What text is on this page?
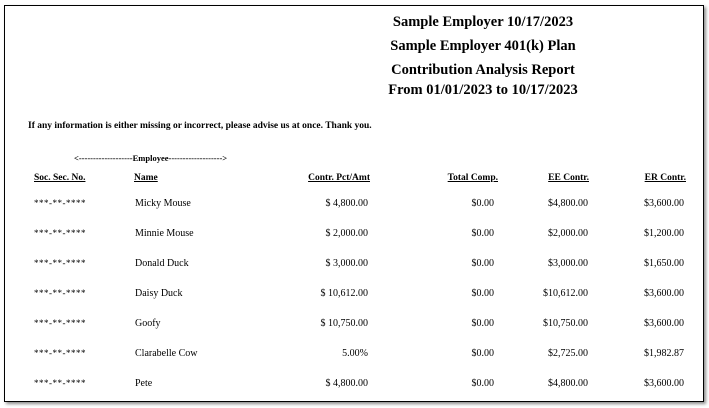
Sample Employer 10/17/2023
Sample Employer 401(k) Plan
Contribution Analysis Report
From 01/01/2023 to 10/17/2023
If any information is either missing or incorrect, please advise us at once. Thank you.
<-------------------Employee------------------->
Soc. Sec. No.	Name	Contr. Pct/Amt	Total Comp.	EE Contr.	ER Contr.
***-**-****	Micky Mouse	$ 4,800.00	$0.00	$4,800.00	$3,600.00
***-**-****	Minnie Mouse	$ 2,000.00	$0.00	$2,000.00	$1,200.00
***-**-****	Donald Duck	$ 3,000.00	$0.00	$3,000.00	$1,650.00
***-**-****	Daisy Duck	$ 10,612.00	$0.00	$10,612.00	$3,600.00
***-**-****	Goofy	$ 10,750.00	$0.00	$10,750.00	$3,600.00
***-**-****	Clarabelle Cow	5.00%	$0.00	$2,725.00	$1,982.87
***-**-****	Pete	$ 4,800.00	$0.00	$4,800.00	$3,600.00
